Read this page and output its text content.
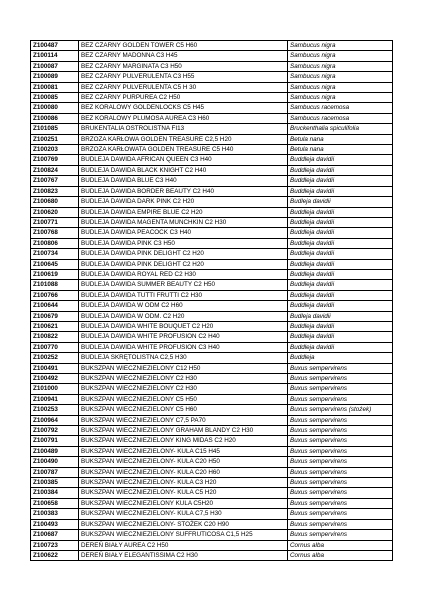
Z100487	BEZ CZARNY GOLDEN TOWER C5 H60	Sambucus nigra
Z100114	BEZ CZARNY MADONNA C3 H45	Sambucus nigra
Z100087	BEZ CZARNY MARGINATA C3 H50	Sambucus nigra
Z100089	BEZ CZARNY PULVERULENTA C3 H55	Sambucus nigra
Z100081	BEZ CZARNY PULVERULENTA C5 H 30	Sambucus nigra
Z100085	BEZ CZARNY PURPUREA C2 H50	Sambucus nigra
Z100080	BEZ KORALOWY GOLDENLOCKS C5 H45	Sambucus racemosa
Z100086	BEZ KORALOWY PLUMOSA AUREA C3 H60	Sambucus racemosa
Z101085	BRUKENTALIA OSTROLISTNA FI13	Bruckenthalia spiculifolia
Z100251	BRZOZA KARŁOWA GOLDEN TREASURE C2,5 H20	Betula nana
Z100203	BRZOZA KARŁOWATA GOLDEN TREASURE C5 H40	Betula nana
Z100769	BUDLEJA DAWIDA AFRICAN QUEEN C3 H40	Buddleja davidii
Z100824	BUDLEJA DAWIDA BLACK KNIGHT C2 H40	Buddleja davidii
Z100767	BUDLEJA DAWIDA BLUE C3 H40	Buddleja davidii
Z100823	BUDLEJA DAWIDA BORDER BEAUTY C2 H40	Buddleja davidii
Z100680	BUDLEJA DAWIDA DARK PINK C2 H20	Budleja davidii
Z100620	BUDLEJA DAWIDA EMPIRE BLUE C2 H20	Buddleja davidii
Z100771	BUDLEJA DAWIDA MAGENTA MUNCHKIN C2 H30	Buddleja davidii
Z100768	BUDLEJA DAWIDA PEACOCK C3 H40	Buddleja davidii
Z100806	BUDLEJA DAWIDA PINK C3 H50	Buddleja davidii
Z100734	BUDLEJA DAWIDA PINK DELIGHT C2 H20	Buddleja davidii
Z100645	BUDLEJA DAWIDA PINK DELIGHT C2 H20	Buddleja davidii
Z100619	BUDLEJA DAWIDA ROYAL RED C2 H30	Buddleja davidii
Z101088	BUDLEJA DAWIDA SUMMER BEAUTY C2 H50	Buddleja davidii
Z100766	BUDLEJA DAWIDA TUTTI FRUTTI C2 H30	Buddleja davidii
Z100644	BUDLEJA DAWIDA W ODM C2 H60	Buddleja davidii
Z100679	BUDLEJA DAWIDA W ODM. C2 H20	Budleja davidii
Z100621	BUDLEJA DAWIDA WHITE BOUQUET C2 H20	Buddleja davidii
Z100822	BUDLEJA DAWIDA WHITE PROFUSION C2 H40	Buddleja davidii
Z100770	BUDLEJA DAWIDA WHITE PROFUSION C3 H40	Buddleja davidii
Z100252	BUDLEJA SKRĘTOLISTNA C2,5 H30	Buddleja
Z100491	BUKSZPAN WIECZNIEZIELONY C12 H50	Buxus sempervirens
Z100492	BUKSZPAN WIECZNIEZIELONY C2 H30	Buxus sempervirens
Z101000	BUKSZPAN WIECZNIEZIELONY C2 H30	Buxus sempervirens
Z100941	BUKSZPAN WIECZNIEZIELONY C5 H50	Buxus sempervirens
Z100253	BUKSZPAN WIECZNIEZIELONY C5 H60	Buxus sempervirens (stożek)
Z100964	BUKSZPAN WIECZNIEZIELONY C7,5 PA70	Buxus sempervirens
Z100792	BUKSZPAN WIECZNIEZIELONY GRAHAM BLANDY C2 H30	Buxus sempervirens
Z100791	BUKSZPAN WIECZNIEZIELONY KING MIDAS C2 H20	Buxus sempervirens
Z100489	BUKSZPAN WIECZNIEZIELONY- KULA C15 H45	Buxus sempervirens
Z100490	BUKSZPAN WIECZNIEZIELONY- KULA C20 H50	Buxus sempervirens
Z100787	BUKSZPAN WIECZNIEZIELONY- KULA C20 H60	Buxus sempervirens
Z100385	BUKSZPAN WIECZNIEZIELONY- KULA C3 H20	Buxus sempervirens
Z100384	BUKSZPAN WIECZNIEZIELONY- KULA C5 H20	Buxus sempervirens
Z100658	BUKSZPAN WIECZNIEZIELONY KULA C5H20	Buxus sempervirens
Z100383	BUKSZPAN WIECZNIEZIELONY- KULA C7,5 H30	Buxus sempervirens
Z100493	BUKSZPAN WIECZNIEZIELONY- STOŻEK C20 H90	Buxus sempervirens
Z100687	BUKSZPAN WIECZNIEZIELONY SUFFRUTICOSA C1,5 H25	Buxus sempervirens
Z100723	DEREŃ BIAŁY AUREA C2 H50	Cornus alba
Z100622	DEREŃ BIAŁY ELEGANTISSIMA C2 H30	Cornus alba
